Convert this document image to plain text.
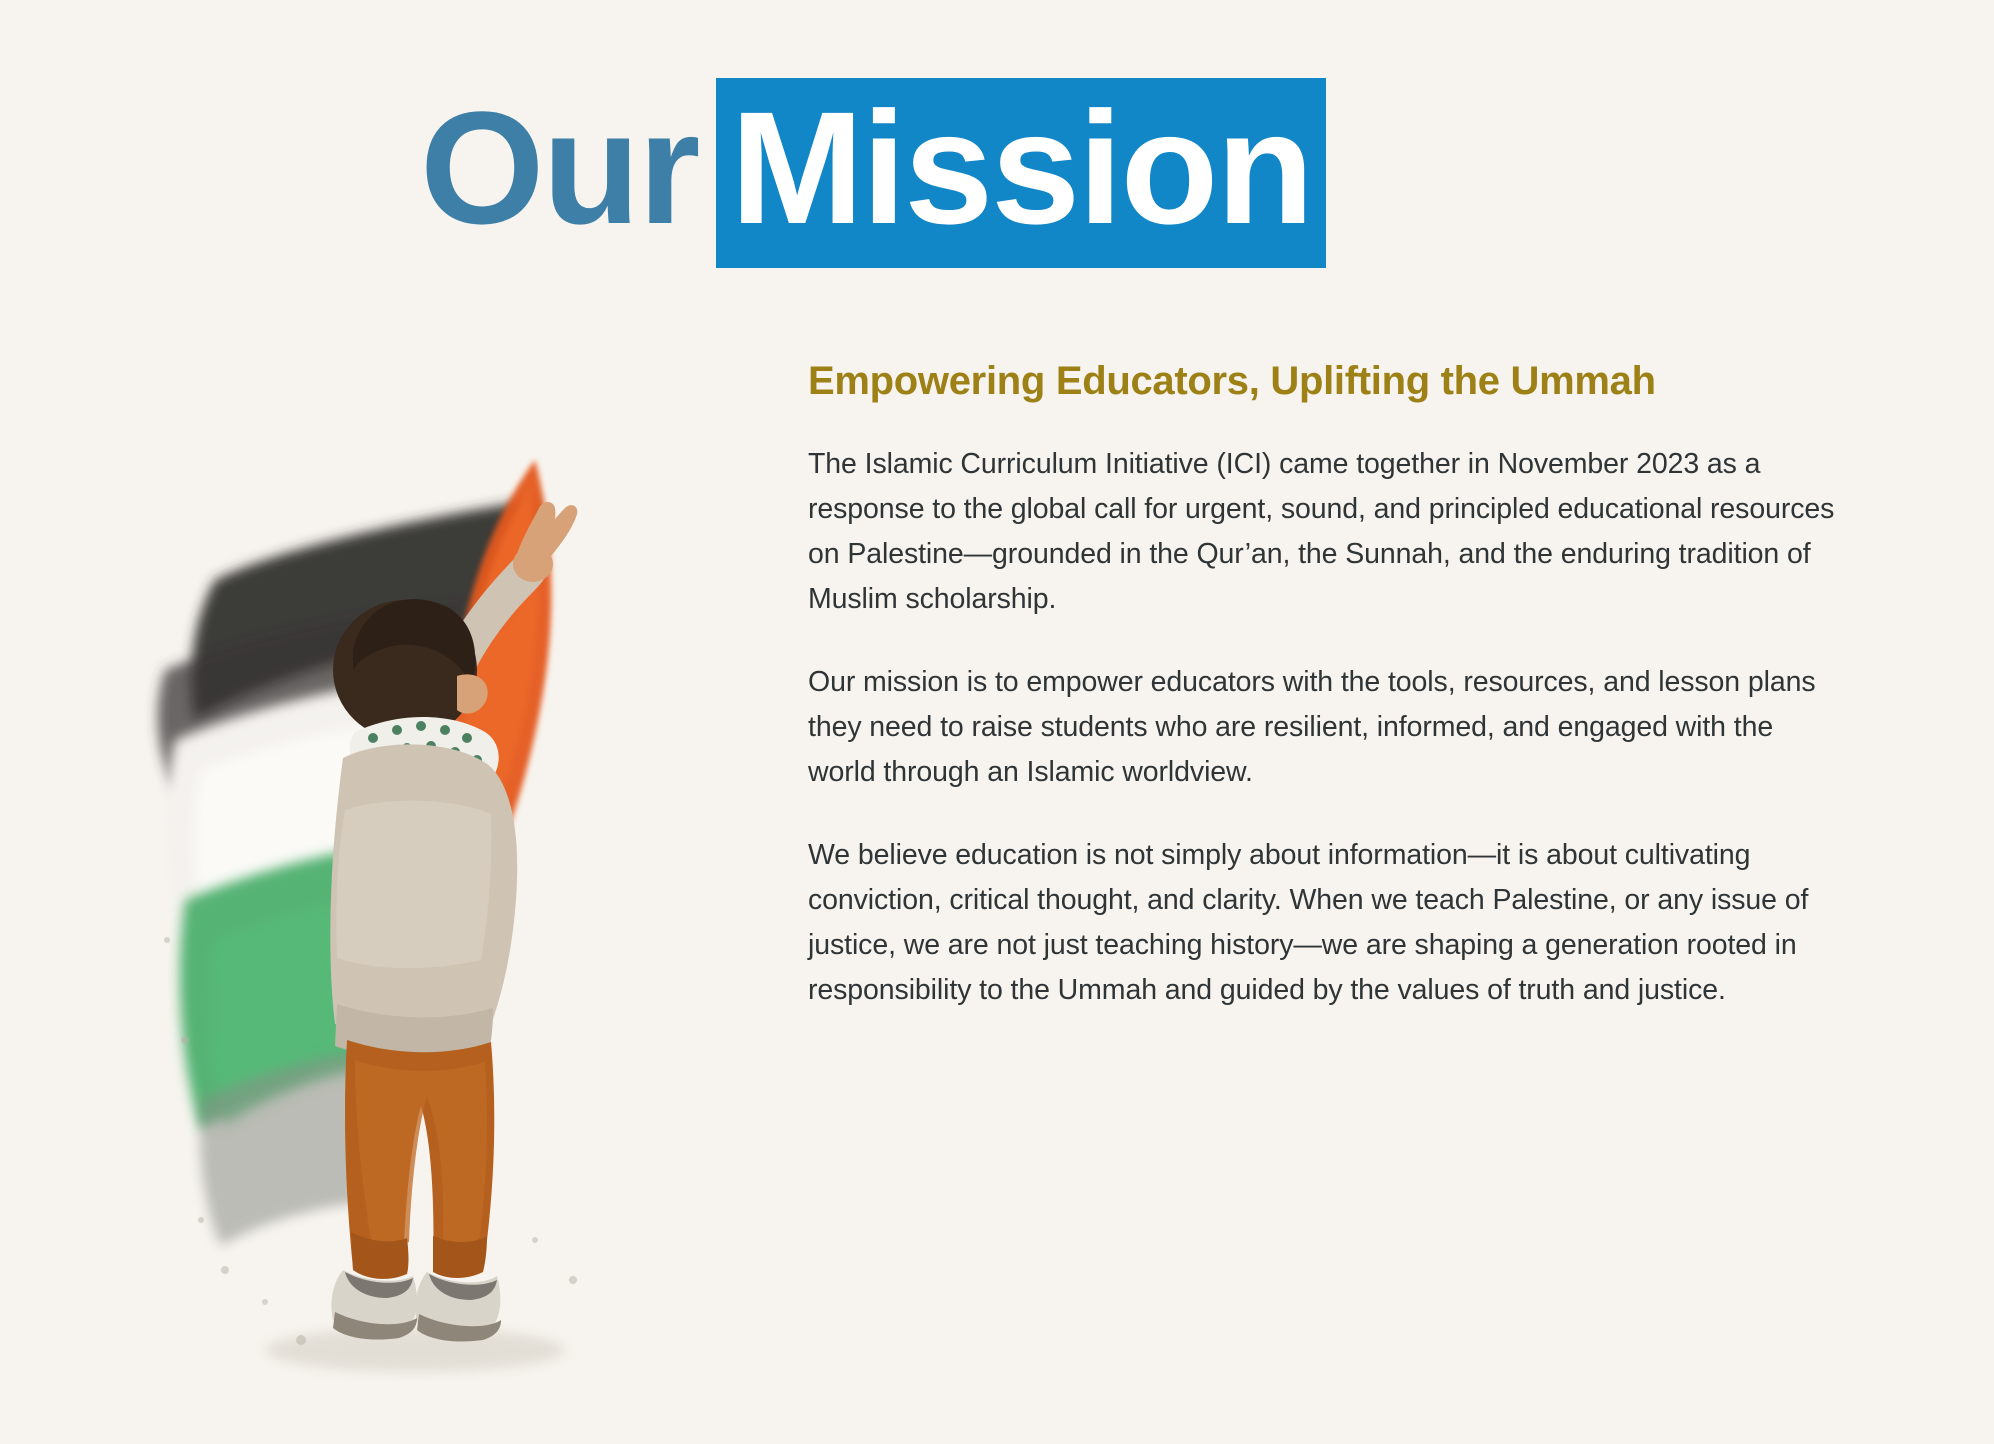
Our Mission
Empowering Educators, Uplifting the Ummah

The Islamic Curriculum Initiative (ICI) came together in November 2023 as a response to the global call for urgent, sound, and principled educational resources on Palestine—grounded in the Qur’an, the Sunnah, and the enduring tradition of Muslim scholarship.

Our mission is to empower educators with the tools, resources, and lesson plans they need to raise students who are resilient, informed, and engaged with the world through an Islamic worldview.

We believe education is not simply about information—it is about cultivating conviction, critical thought, and clarity. When we teach Palestine, or any issue of justice, we are not just teaching history—we are shaping a generation rooted in responsibility to the Ummah and guided by the values of truth and justice.
